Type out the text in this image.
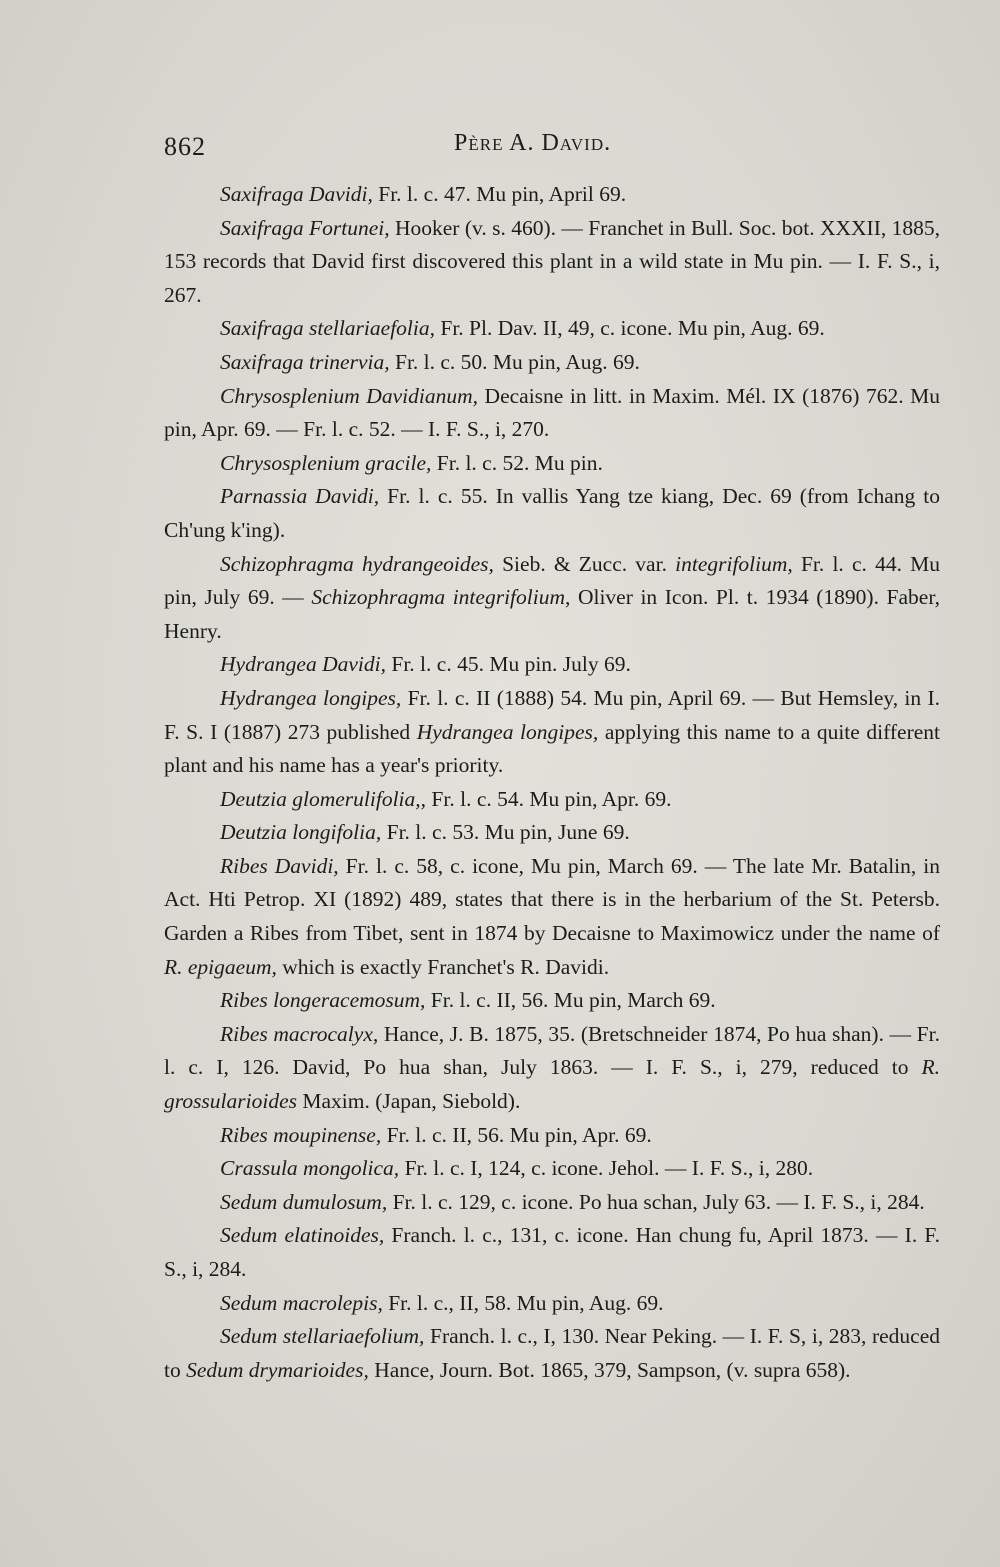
862	Père A. David.

Saxifraga Davidi, Fr. l. c. 47. Mu pin, April 69.

Saxifraga Fortunei, Hooker (v. s. 460). — Franchet in Bull. Soc. bot. XXXII, 1885, 153 records that David first discovered this plant in a wild state in Mu pin. — I. F. S., i, 267.

Saxifraga stellariaefolia, Fr. Pl. Dav. II, 49, c. icone. Mu pin, Aug. 69.

Saxifraga trinervia, Fr. l. c. 50. Mu pin, Aug. 69.

Chrysosplenium Davidianum, Decaisne in litt. in Maxim. Mél. IX (1876) 762. Mu pin, Apr. 69. — Fr. l. c. 52. — I. F. S., i, 270.

Chrysosplenium gracile, Fr. l. c. 52. Mu pin.

Parnassia Davidi, Fr. l. c. 55. In vallis Yang tze kiang, Dec. 69 (from Ichang to Ch'ung k'ing).

Schizophragma hydrangeoides, Sieb. & Zucc. var. integrifolium, Fr. l. c. 44. Mu pin, July 69. — Schizophragma integrifolium, Oliver in Icon. Pl. t. 1934 (1890). Faber, Henry.

Hydrangea Davidi, Fr. l. c. 45. Mu pin. July 69.

Hydrangea longipes, Fr. l. c. II (1888) 54. Mu pin, April 69. — But Hemsley, in I. F. S. I (1887) 273 published Hydrangea longipes, applying this name to a quite different plant and his name has a year's priority.

Deutzia glomerulifolia,, Fr. l. c. 54. Mu pin, Apr. 69.

Deutzia longifolia, Fr. l. c. 53. Mu pin, June 69.

Ribes Davidi, Fr. l. c. 58, c. icone, Mu pin, March 69. — The late Mr. Batalin, in Act. Hti Petrop. XI (1892) 489, states that there is in the herbarium of the St. Petersb. Garden a Ribes from Tibet, sent in 1874 by Decaisne to Maximowicz under the name of R. epigaeum, which is exactly Franchet's R. Davidi.

Ribes longeracemosum, Fr. l. c. II, 56. Mu pin, March 69.

Ribes macrocalyx, Hance, J. B. 1875, 35. (Bretschneider 1874, Po hua shan). — Fr. l. c. I, 126. David, Po hua shan, July 1863. — I. F. S., i, 279, reduced to R. grossularioides Maxim. (Japan, Siebold).

Ribes moupinense, Fr. l. c. II, 56. Mu pin, Apr. 69.

Crassula mongolica, Fr. l. c. I, 124, c. icone. Jehol. — I. F. S., i, 280.

Sedum dumulosum, Fr. l. c. 129, c. icone. Po hua schan, July 63. — I. F. S., i, 284.

Sedum elatinoides, Franch. l. c., 131, c. icone. Han chung fu, April 1873. — I. F. S., i, 284.

Sedum macrolepis, Fr. l. c., II, 58. Mu pin, Aug. 69.

Sedum stellariaefolium, Franch. l. c., I, 130. Near Peking. — I. F. S, i, 283, reduced to Sedum drymarioides, Hance, Journ. Bot. 1865, 379, Sampson, (v. supra 658).
